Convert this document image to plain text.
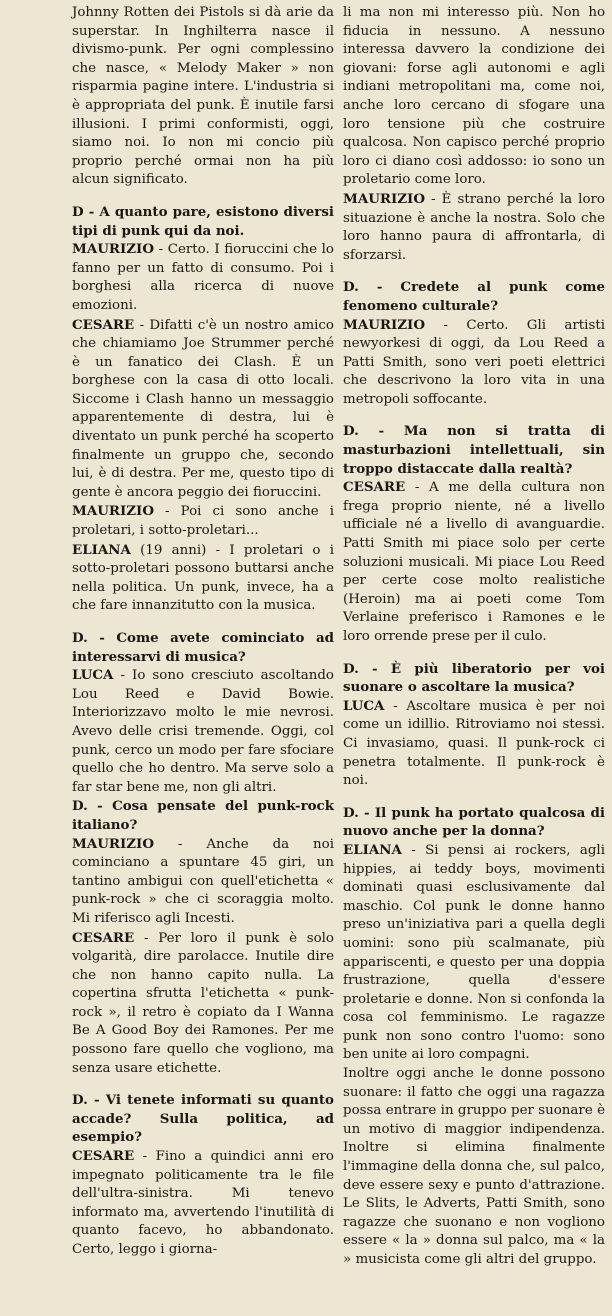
Johnny Rotten dei Pistols si dà arie da superstar. In Inghilterra nasce il divismo-punk. Per ogni complessino che nasce, « Melody Maker » non risparmia pagine intere. L'industria si è appropriata del punk. È inutile farsi illusioni. I primi conformisti, oggi, siamo noi. Io non mi concio più proprio perché ormai non ha più alcun significato.

D - A quanto pare, esistono diversi tipi di punk qui da noi.

MAURIZIO - Certo. I fioruccini che lo fanno per un fatto di consumo. Poi i borghesi alla ricerca di nuove emozioni.

CESARE - Difatti c'è un nostro amico che chiamiamo Joe Strummer perché è un fanatico dei Clash. È un borghese con la casa di otto locali. Siccome i Clash hanno un messaggio apparentemente di destra, lui è diventato un punk perché ha scoperto finalmente un gruppo che, secondo lui, è di destra. Per me, questo tipo di gente è ancora peggio dei fioruccini.

MAURIZIO - Poi ci sono anche i proletari, i sotto-proletari...

ELIANA (19 anni) - I proletari o i sotto-proletari possono buttarsi anche nella politica. Un punk, invece, ha a che fare innanzitutto con la musica.

D. - Come avete cominciato ad interessarvi di musica?

LUCA - Io sono cresciuto ascoltando Lou Reed e David Bowie. Interiorizzavo molto le mie nevrosi. Avevo delle crisi tremende. Oggi, col punk, cerco un modo per fare sfociare quello che ho dentro. Ma serve solo a far star bene me, non gli altri.

D. - Cosa pensate del punk-rock italiano?

MAURIZIO - Anche da noi cominciano a spuntare 45 giri, un tantino ambigui con quell'etichetta « punk-rock » che ci scoraggia molto. Mi riferisco agli Incesti.

CESARE - Per loro il punk è solo volgarità, dire parolacce. Inutile dire che non hanno capito nulla. La copertina sfrutta l'etichetta « punk-rock », il retro è copiato da I Wanna Be A Good Boy dei Ramones. Per me possono fare quello che vogliono, ma senza usare etichette.

D. - Vi tenete informati su quanto accade? Sulla politica, ad esempio?

CESARE - Fino a quindici anni ero impegnato politicamente tra le file dell'ultra-sinistra. Mi tenevo informato ma, avvertendo l'inutilità di quanto facevo, ho abbandonato. Certo, leggo i giorna-

li ma non mi interesso più. Non ho fiducia in nessuno. A nessuno interessa davvero la condizione dei giovani: forse agli autonomi e agli indiani metropolitani ma, come noi, anche loro cercano di sfogare una loro tensione più che costruire qualcosa. Non capisco perché proprio loro ci diano così addosso: io sono un proletario come loro.

MAURIZIO - È strano perché la loro situazione è anche la nostra. Solo che loro hanno paura di affrontarla, di sforzarsi.

D. - Credete al punk come fenomeno culturale?

MAURIZIO - Certo. Gli artisti newyorkesi di oggi, da Lou Reed a Patti Smith, sono veri poeti elettrici che descrivono la loro vita in una metropoli soffocante.

D. - Ma non si tratta di masturbazioni intellettuali, sin troppo distaccate dalla realtà?

CESARE - A me della cultura non frega proprio niente, né a livello ufficiale né a livello di avanguardie. Patti Smith mi piace solo per certe soluzioni musicali. Mi piace Lou Reed per certe cose molto realistiche (Heroin) ma ai poeti come Tom Verlaine preferisco i Ramones e le loro orrende prese per il culo.

D. - È più liberatorio per voi suonare o ascoltare la musica?

LUCA - Ascoltare musica è per noi come un idillio. Ritroviamo noi stessi. Ci invasiamo, quasi. Il punk-rock ci penetra totalmente. Il punk-rock è noi.

D. - Il punk ha portato qualcosa di nuovo anche per la donna?

ELIANA - Si pensi ai rockers, agli hippies, ai teddy boys, movimenti dominati quasi esclusivamente dal maschio. Col punk le donne hanno preso un'iniziativa pari a quella degli uomini: sono più scalmanate, più appariscenti, e questo per una doppia frustrazione, quella d'essere proletarie e donne. Non si confonda la cosa col femminismo. Le ragazze punk non sono contro l'uomo: sono ben unite ai loro compagni.

Inoltre oggi anche le donne possono suonare: il fatto che oggi una ragazza possa entrare in gruppo per suonare è un motivo di maggior indipendenza. Inoltre si elimina finalmente l'immagine della donna che, sul palco, deve essere sexy e punto d'attrazione. Le Slits, le Adverts, Patti Smith, sono ragazze che suonano e non vogliono essere « la » donna sul palco, ma « la » musicista come gli altri del gruppo.
